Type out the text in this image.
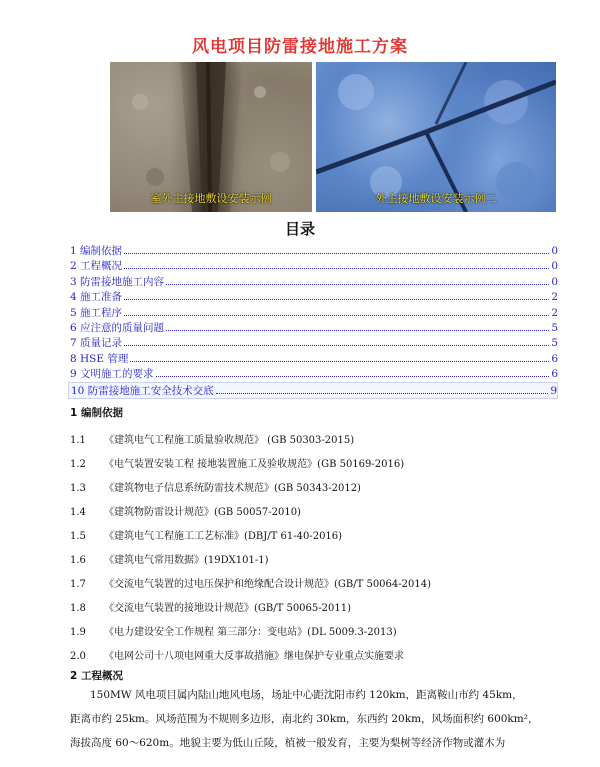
风电项目防雷接地施工方案
室外主接地敷设安装示例	外主接地敷设安装示例二
目录
1 编制依据	0
2 工程概况	0
3 防雷接地施工内容	0
4 施工准备	2
5 施工程序	2
6 应注意的质量问题	5
7 质量记录	5
8 HSE 管理	6
9 文明施工的要求	6
10 防雷接地施工安全技术交底	9
1 编制依据
1.1 《建筑电气工程施工质量验收规范》 (GB 50303-2015)
1.2 《电气装置安装工程 接地装置施工及验收规范》(GB 50169-2016)
1.3 《建筑物电子信息系统防雷技术规范》(GB 50343-2012)
1.4 《建筑物防雷设计规范》(GB 50057-2010)
1.5 《建筑电气工程施工工艺标准》(DBJ/T 61-40-2016)
1.6 《建筑电气常用数据》(19DX101-1)
1.7 《交流电气装置的过电压保护和绝缘配合设计规范》(GB/T 50064-2014)
1.8 《交流电气装置的接地设计规范》(GB/T 50065-2011)
1.9 《电力建设安全工作规程 第三部分：变电站》(DL 5009.3-2013)
2.0 《电网公司十八项电网重大反事故措施》继电保护专业重点实施要求
2 工程概况
150MW 风电项目属内陆山地风电场，场址中心距沈阳市约 120km，距离鞍山市约 45km，
距离市约 25km。风场范围为不规则多边形，南北约 30km，东西约 20km，风场面积约 600km²，
海拔高度 60～620m。地貌主要为低山丘陵，植被一般发育，主要为梨树等经济作物或灌木为
